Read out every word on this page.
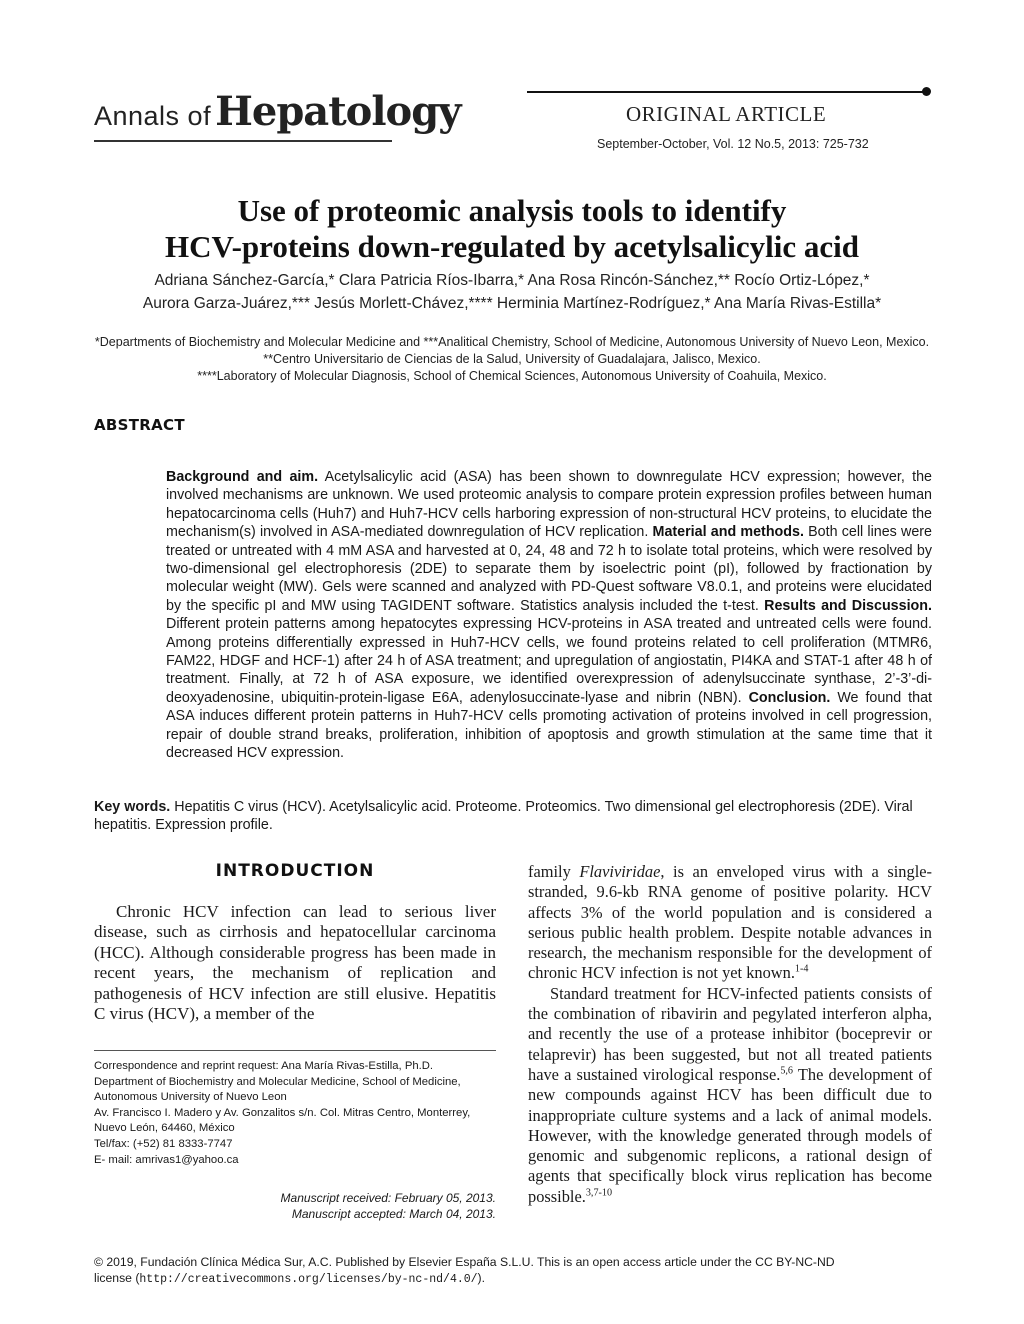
Annals of Hepatology	ORIGINAL ARTICLE
September-October, Vol. 12 No.5, 2013: 725-732
Use of proteomic analysis tools to identify
HCV-proteins down-regulated by acetylsalicylic acid
Adriana Sánchez-García,* Clara Patricia Ríos-Ibarra,* Ana Rosa Rincón-Sánchez,** Rocío Ortiz-López,*
Aurora Garza-Juárez,*** Jesús Morlett-Chávez,**** Herminia Martínez-Rodríguez,* Ana María Rivas-Estilla*
*Departments of Biochemistry and Molecular Medicine and ***Analitical Chemistry, School of Medicine, Autonomous University of Nuevo Leon, Mexico.
**Centro Universitario de Ciencias de la Salud, University of Guadalajara, Jalisco, Mexico.
****Laboratory of Molecular Diagnosis, School of Chemical Sciences, Autonomous University of Coahuila, Mexico.
ABSTRACT
Background and aim. Acetylsalicylic acid (ASA) has been shown to downregulate HCV expression; however, the involved mechanisms are unknown. We used proteomic analysis to compare protein expression profiles between human hepatocarcinoma cells (Huh7) and Huh7-HCV cells harboring expression of non-structural HCV proteins, to elucidate the mechanism(s) involved in ASA-mediated downregulation of HCV replication. Material and methods. Both cell lines were treated or untreated with 4 mM ASA and harvested at 0, 24, 48 and 72 h to isolate total proteins, which were resolved by two-dimensional gel electrophoresis (2DE) to separate them by isoelectric point (pI), followed by fractionation by molecular weight (MW). Gels were scanned and analyzed with PD-Quest software V8.0.1, and proteins were elucidated by the specific pI and MW using TAGIDENT software. Statistics analysis included the t-test. Results and Discussion. Different protein patterns among hepatocytes expressing HCV-proteins in ASA treated and untreated cells were found. Among proteins differentially expressed in Huh7-HCV cells, we found proteins related to cell proliferation (MTMR6, FAM22, HDGF and HCF-1) after 24 h of ASA treatment; and upregulation of angiostatin, PI4KA and STAT-1 after 48 h of treatment. Finally, at 72 h of ASA exposure, we identified overexpression of adenylsuccinate synthase, 2’-3’-di-deoxyadenosine, ubiquitin-protein-ligase E6A, adenylosuccinate-lyase and nibrin (NBN). Conclusion. We found that ASA induces different protein patterns in Huh7-HCV cells promoting activation of proteins involved in cell progression, repair of double strand breaks, proliferation, inhibition of apoptosis and growth stimulation at the same time that it decreased HCV expression.
Key words. Hepatitis C virus (HCV). Acetylsalicylic acid. Proteome. Proteomics. Two dimensional gel electrophoresis (2DE). Viral hepatitis. Expression profile.
INTRODUCTION
Chronic HCV infection can lead to serious liver disease, such as cirrhosis and hepatocellular carcinoma (HCC). Although considerable progress has been made in recent years, the mechanism of replication and pathogenesis of HCV infection are still elusive. Hepatitis C virus (HCV), a member of the
Correspondence and reprint request: Ana María Rivas-Estilla, Ph.D.
Department of Biochemistry and Molecular Medicine, School of Medicine,
Autonomous University of Nuevo Leon
Av. Francisco I. Madero y Av. Gonzalitos s/n. Col. Mitras Centro, Monterrey,
Nuevo León, 64460, México
Tel/fax: (+52) 81 8333-7747
E- mail: amrivas1@yahoo.ca
Manuscript received: February 05, 2013.
Manuscript accepted: March 04, 2013.

family Flaviviridae, is an enveloped virus with a single-stranded, 9.6-kb RNA genome of positive polarity. HCV affects 3% of the world population and is considered a serious public health problem. Despite notable advances in research, the mechanism responsible for the development of chronic HCV infection is not yet known.$^{1-4}$

Standard treatment for HCV-infected patients consists of the combination of ribavirin and pegylated interferon alpha, and recently the use of a protease inhibitor (boceprevir or telaprevir) has been suggested, but not all treated patients have a sustained virological response.$^{5,6}$ The development of new compounds against HCV has been difficult due to inappropriate culture systems and a lack of animal models. However, with the knowledge generated through models of genomic and subgenomic replicons, a rational design of agents that specifically block virus replication has become possible.$^{3,7-10}$

© 2019, Fundación Clínica Médica Sur, A.C. Published by Elsevier España S.L.U. This is an open access article under the CC BY-NC-ND
license (http://creativecommons.org/licenses/by-nc-nd/4.0/).
